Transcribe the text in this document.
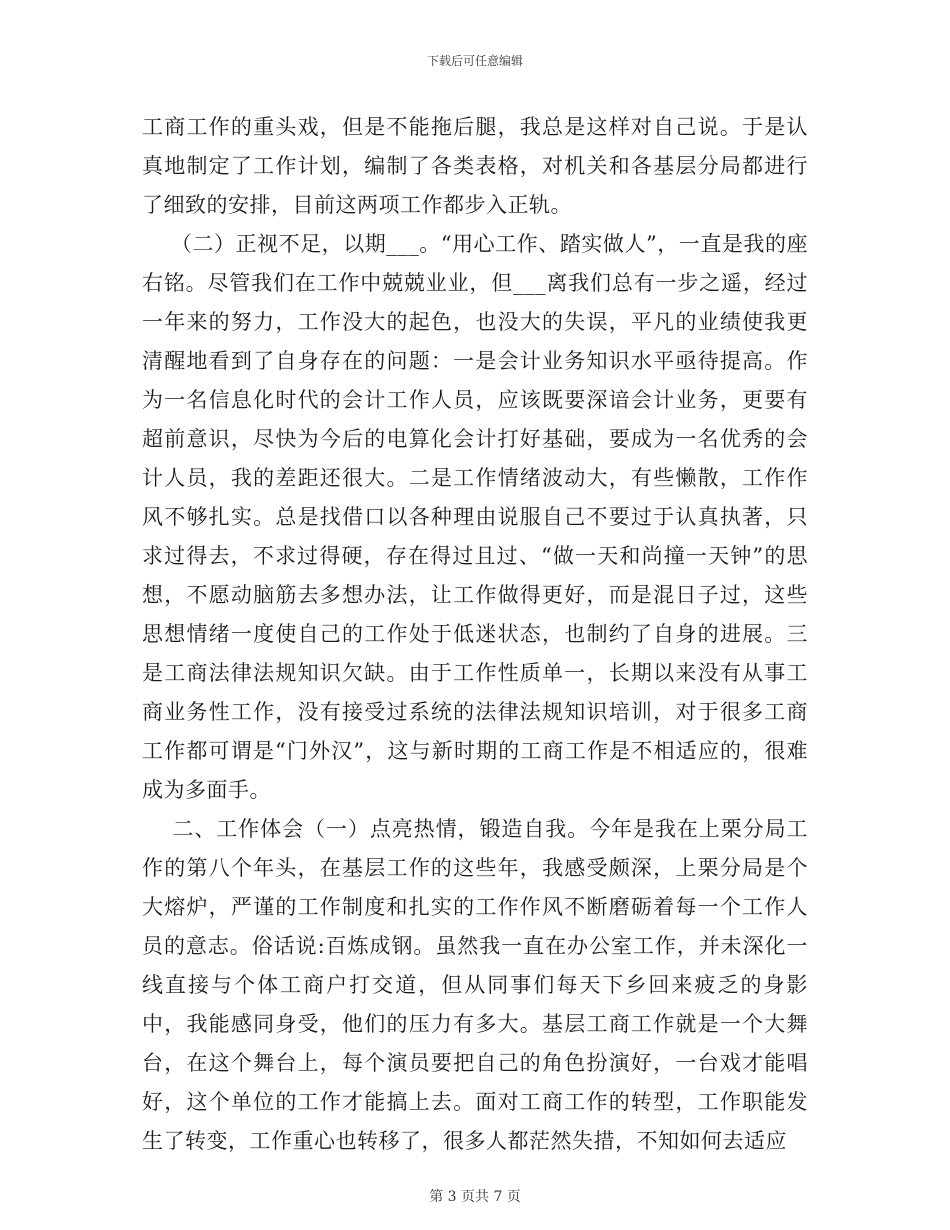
下载后可任意编辑

工商工作的重头戏，但是不能拖后腿，我总是这样对自己说。于是认真地制定了工作计划，编制了各类表格，对机关和各基层分局都进行了细致的安排，目前这两项工作都步入正轨。

（二）正视不足，以期___。“用心工作、踏实做人”，一直是我的座右铭。尽管我们在工作中兢兢业业，但___离我们总有一步之遥，经过一年来的努力，工作没大的起色，也没大的失误，平凡的业绩使我更清醒地看到了自身存在的问题：一是会计业务知识水平亟待提高。作为一名信息化时代的会计工作人员，应该既要深谙会计业务，更要有超前意识，尽快为今后的电算化会计打好基础，要成为一名优秀的会计人员，我的差距还很大。二是工作情绪波动大，有些懒散，工作作风不够扎实。总是找借口以各种理由说服自己不要过于认真执著，只求过得去，不求过得硬，存在得过且过、“做一天和尚撞一天钟”的思想，不愿动脑筋去多想办法，让工作做得更好，而是混日子过，这些思想情绪一度使自己的工作处于低迷状态，也制约了自身的进展。三是工商法律法规知识欠缺。由于工作性质单一，长期以来没有从事工商业务性工作，没有接受过系统的法律法规知识培训，对于很多工商工作都可谓是“门外汉”，这与新时期的工商工作是不相适应的，很难成为多面手。

二、工作体会（一）点亮热情，锻造自我。今年是我在上栗分局工作的第八个年头，在基层工作的这些年，我感受颇深，上栗分局是个大熔炉，严谨的工作制度和扎实的工作作风不断磨砺着每一个工作人员的意志。俗话说:百炼成钢。虽然我一直在办公室工作，并未深化一线直接与个体工商户打交道，但从同事们每天下乡回来疲乏的身影中，我能感同身受，他们的压力有多大。基层工商工作就是一个大舞台，在这个舞台上，每个演员要把自己的角色扮演好，一台戏才能唱好，这个单位的工作才能搞上去。面对工商工作的转型，工作职能发生了转变，工作重心也转移了，很多人都茫然失措，不知如何去适应

第 3 页共 7 页
